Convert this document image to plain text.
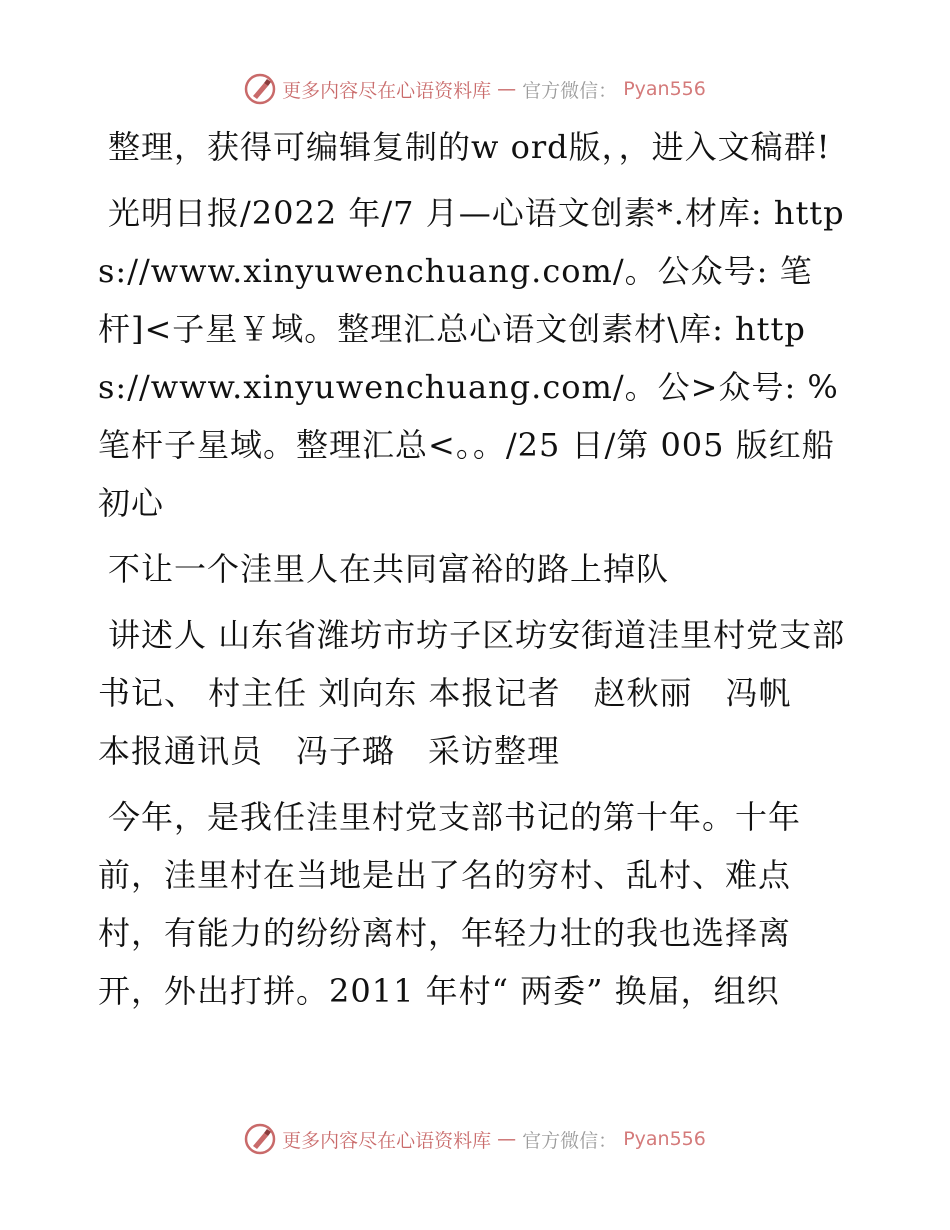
更多内容尽在心语资料库 — 官方微信： Pyan556

整理，获得可编辑复制的w ord版，，进入文稿群!

光明日报/2022 年/7 月—心语文创素*.材库: https://www.xinyuwenchuang.com/。公众号: 笔杆]<子星￥域。整理汇总心语文创素材\库: https://www.xinyuwenchuang.com/。公>众号: %笔杆子星域。整理汇总<。。/25 日/第 005 版红船初心

不让一个洼里人在共同富裕的路上掉队

讲述人 山东省潍坊市坊子区坊安街道洼里村党支部书记、 村主任 刘向东 本报记者　赵秋丽　冯帆　本报通讯员　冯子璐　采访整理

今年，是我任洼里村党支部书记的第十年。十年前，洼里村在当地是出了名的穷村、乱村、难点村，有能力的纷纷离村，年轻力壮的我也选择离开，外出打拼。2011 年村“ 两委” 换届，组织

更多内容尽在心语资料库 — 官方微信： Pyan556
